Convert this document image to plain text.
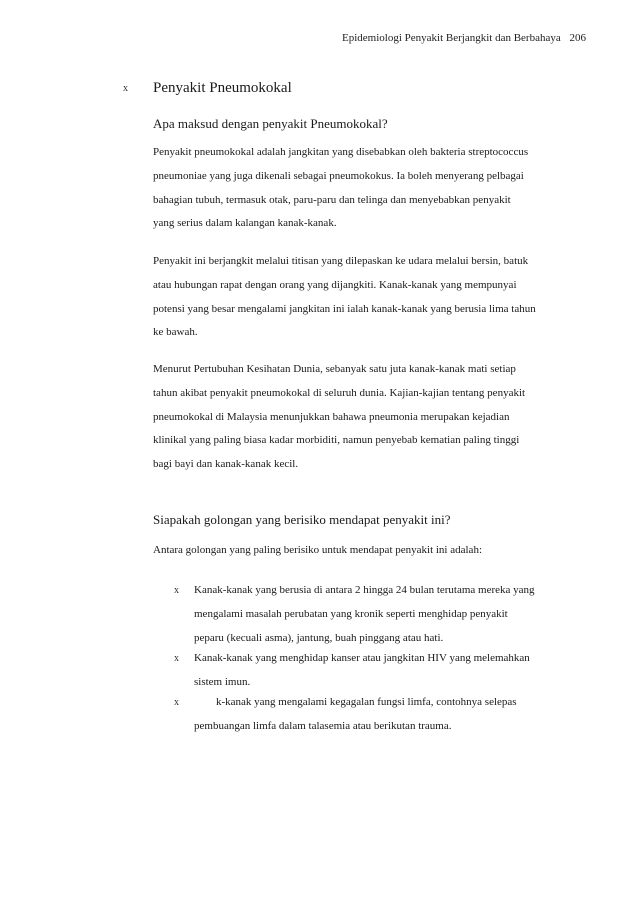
Epidemiologi Penyakit Berjangkit dan Berbahaya 206
x	Penyakit Pneumokokal
Apa maksud dengan penyakit Pneumokokal?
Penyakit pneumokokal adalah jangkitan yang disebabkan oleh bakteria streptococcus
pneumoniae yang juga dikenali sebagai pneumokokus. Ia boleh menyerang pelbagai
bahagian tubuh, termasuk otak, paru-paru dan telinga dan menyebabkan penyakit
yang serius dalam kalangan kanak-kanak.
Penyakit ini berjangkit melalui titisan yang dilepaskan ke udara melalui bersin, batuk
atau hubungan rapat dengan orang yang dijangkiti. Kanak-kanak yang mempunyai
potensi yang besar mengalami jangkitan ini ialah kanak-kanak yang berusia lima tahun
ke bawah.
Menurut Pertubuhan Kesihatan Dunia, sebanyak satu juta kanak-kanak mati setiap
tahun akibat penyakit pneumokokal di seluruh dunia. Kajian-kajian tentang penyakit
pneumokokal di Malaysia menunjukkan bahawa pneumonia merupakan kejadian
klinikal yang paling biasa kadar morbiditi, namun penyebab kematian paling tinggi
bagi bayi dan kanak-kanak kecil.
Siapakah golongan yang berisiko mendapat penyakit ini?
Antara golongan yang paling berisiko untuk mendapat penyakit ini adalah:
x Kanak-kanak yang berusia di antara 2 hingga 24 bulan terutama mereka yang
mengalami masalah perubatan yang kronik seperti menghidap penyakit
peparu (kecuali asma), jantung, buah pinggang atau hati.
x Kanak-kanak yang menghidap kanser atau jangkitan HIV yang melemahkan
sistem imun.
x	k-kanak yang mengalami kegagalan fungsi limfa, contohnya selepas
pembuangan limfa dalam talasemia atau berikutan trauma.
